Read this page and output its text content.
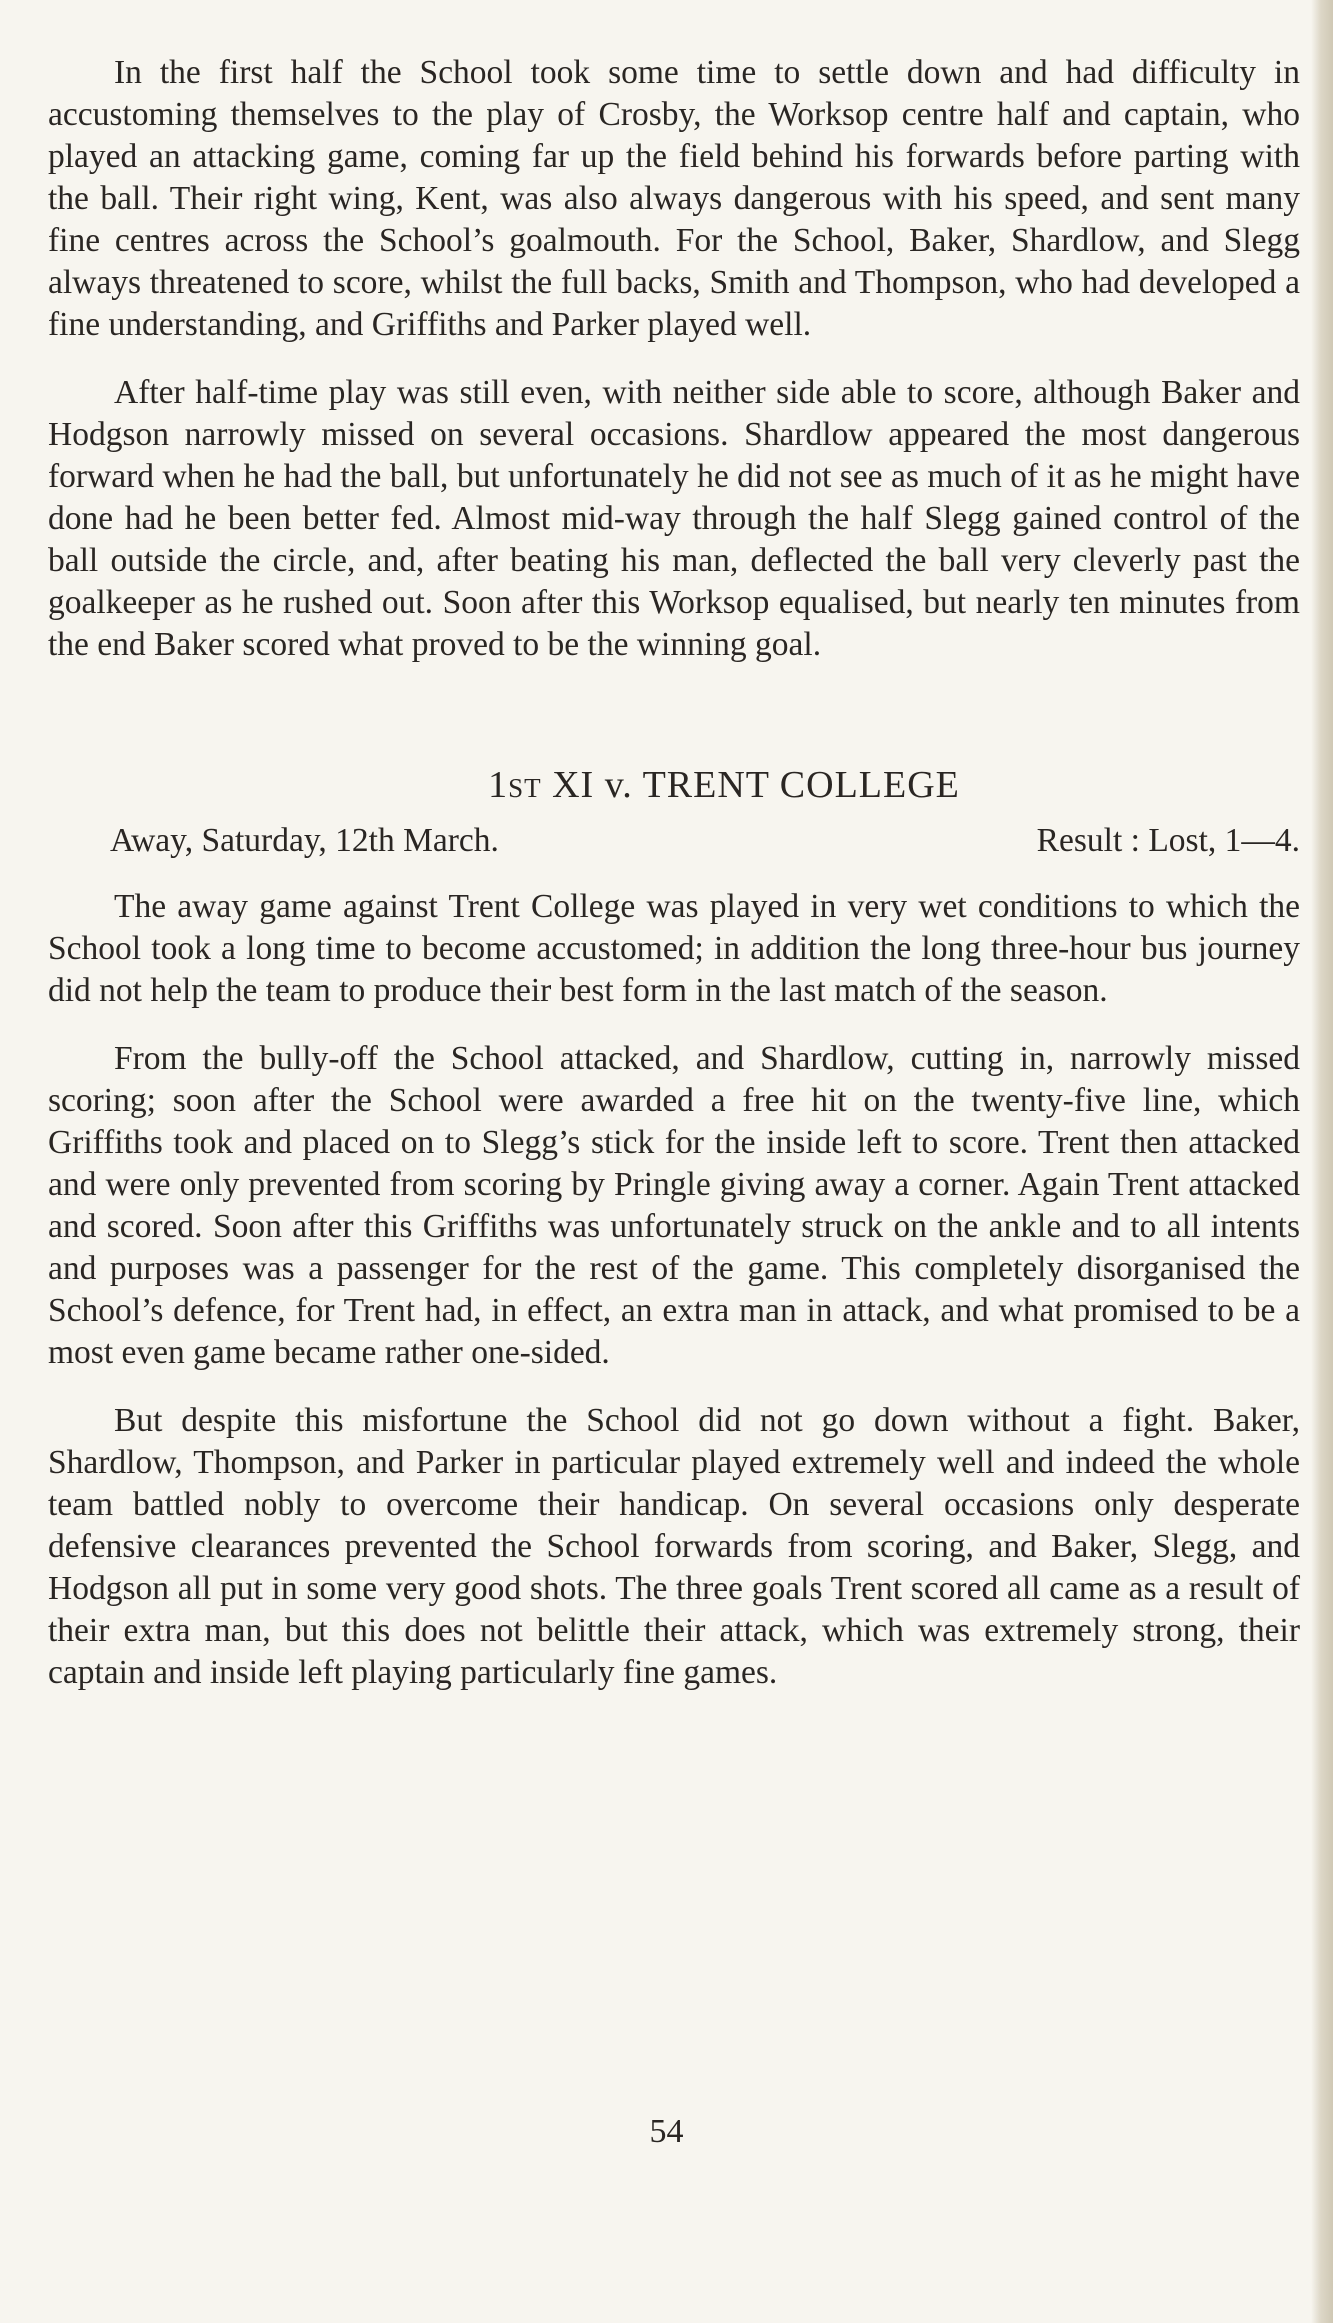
In the first half the School took some time to settle down and had difficulty in accustoming themselves to the play of Crosby, the Worksop centre half and captain, who played an attacking game, coming far up the field behind his forwards before parting with the ball. Their right wing, Kent, was also always dangerous with his speed, and sent many fine centres across the School’s goalmouth. For the School, Baker, Shardlow, and Slegg always threatened to score, whilst the full backs, Smith and Thompson, who had developed a fine understanding, and Griffiths and Parker played well.

After half-time play was still even, with neither side able to score, although Baker and Hodgson narrowly missed on several occasions. Shardlow appeared the most dangerous forward when he had the ball, but unfortunately he did not see as much of it as he might have done had he been better fed. Almost mid-way through the half Slegg gained control of the ball outside the circle, and, after beating his man, deflected the ball very cleverly past the goalkeeper as he rushed out. Soon after this Worksop equalised, but nearly ten minutes from the end Baker scored what proved to be the winning goal.

1st XI v. TRENT COLLEGE
Away, Saturday, 12th March.	Result : Lost, 1—4.

The away game against Trent College was played in very wet conditions to which the School took a long time to become accustomed; in addition the long three-hour bus journey did not help the team to produce their best form in the last match of the season.

From the bully-off the School attacked, and Shardlow, cutting in, narrowly missed scoring; soon after the School were awarded a free hit on the twenty-five line, which Griffiths took and placed on to Slegg’s stick for the inside left to score. Trent then attacked and were only prevented from scoring by Pringle giving away a corner. Again Trent attacked and scored. Soon after this Griffiths was unfortunately struck on the ankle and to all intents and purposes was a passenger for the rest of the game. This completely disorganised the School’s defence, for Trent had, in effect, an extra man in attack, and what promised to be a most even game became rather one-sided.

But despite this misfortune the School did not go down without a fight. Baker, Shardlow, Thompson, and Parker in particular played extremely well and indeed the whole team battled nobly to overcome their handicap. On several occasions only desperate defensive clearances prevented the School forwards from scoring, and Baker, Slegg, and Hodgson all put in some very good shots. The three goals Trent scored all came as a result of their extra man, but this does not belittle their attack, which was extremely strong, their captain and inside left playing particularly fine games.

54
